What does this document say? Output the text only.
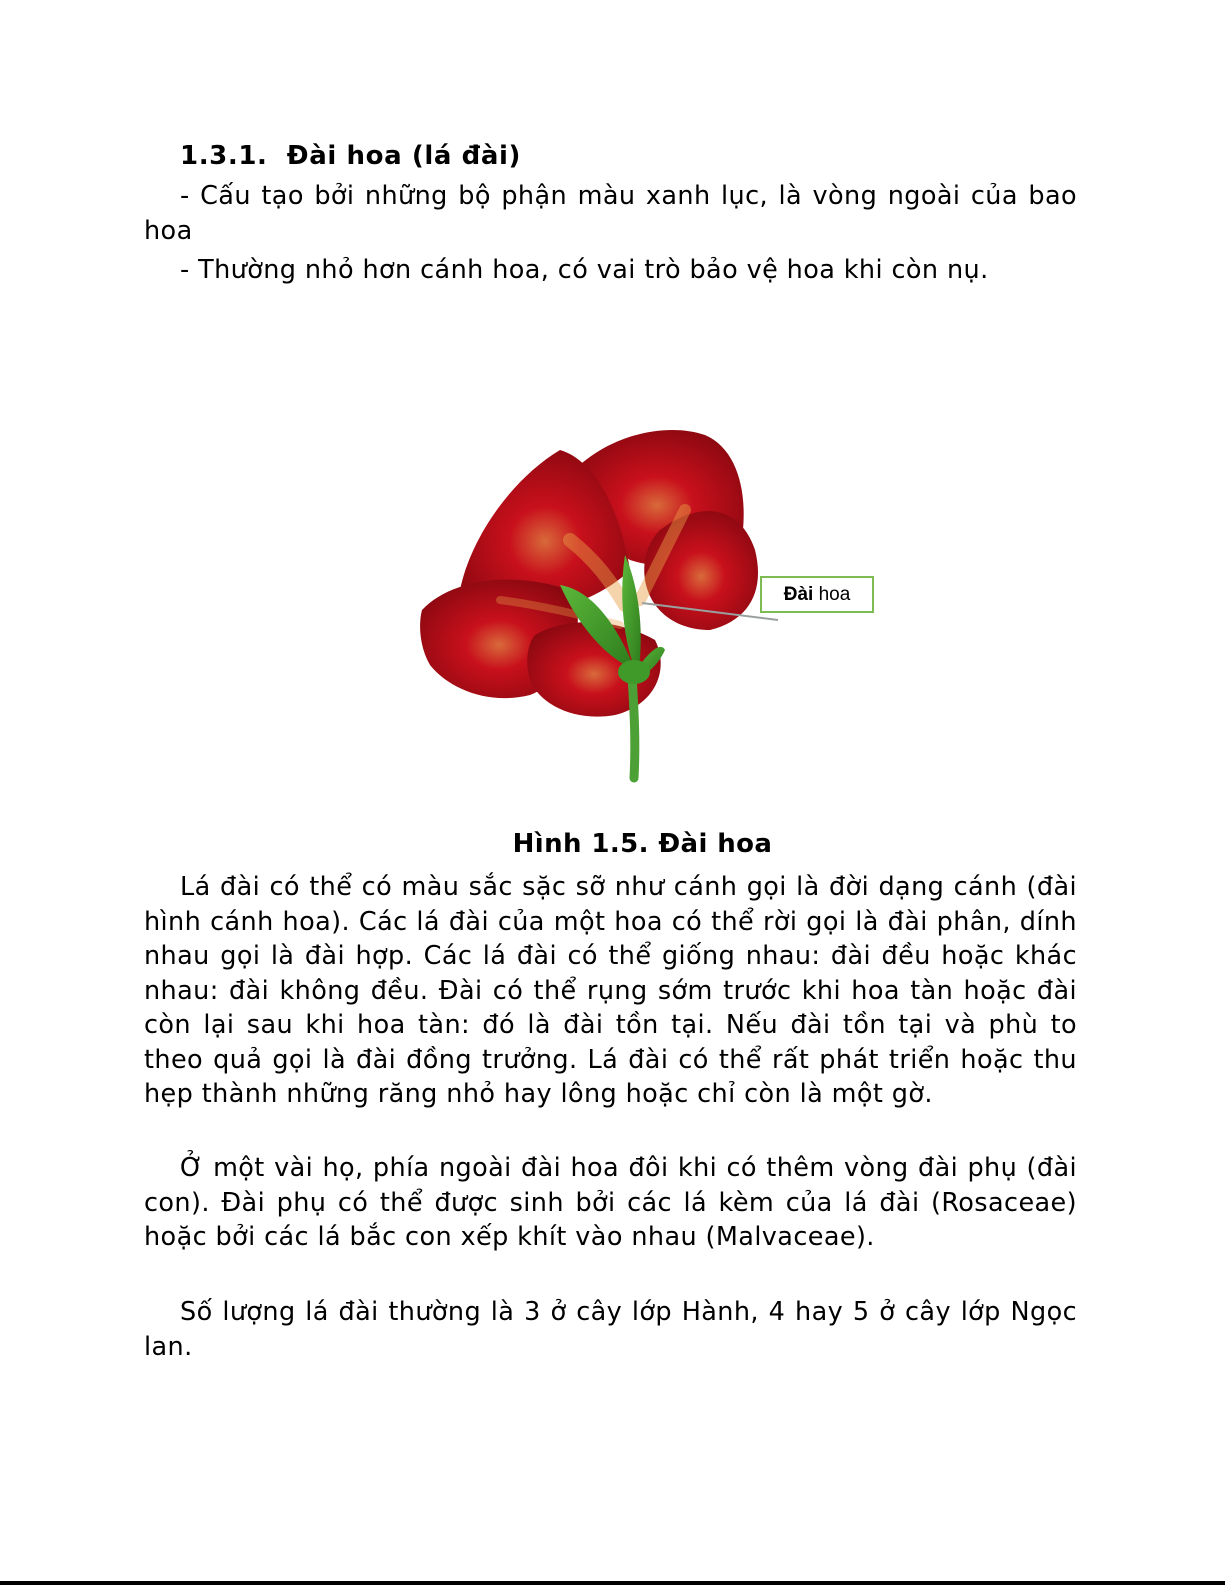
1.3.1.  Đài hoa (lá đài)

- Cấu tạo bởi những bộ phận màu xanh lục, là vòng ngoài của bao hoa

- Thường nhỏ hơn cánh hoa, có vai trò bảo vệ hoa khi còn nụ.

Đài hoa
Hình 1.5. Đài hoa

Lá đài có thể có màu sắc sặc sỡ như cánh gọi là đời dạng cánh (đài hình cánh hoa). Các lá đài của một hoa có thể rời gọi là đài phân, dính nhau gọi là đài hợp. Các lá đài có thể giống nhau: đài đều hoặc khác nhau: đài không đều. Đài có thể rụng sớm trước khi hoa tàn hoặc đài còn lại sau khi hoa tàn: đó là đài tồn tại. Nếu đài tồn tại và phù to theo quả gọi là đài đồng trưởng. Lá đài có thể rất phát triển hoặc thu hẹp thành những răng nhỏ hay lông hoặc chỉ còn là một gờ.

Ở một vài họ, phía ngoài đài hoa đôi khi có thêm vòng đài phụ (đài con). Đài phụ có thể được sinh bởi các lá kèm của lá đài (Rosaceae) hoặc bởi các lá bắc con xếp khít vào nhau (Malvaceae).

Số lượng lá đài thường là 3 ở cây lớp Hành, 4 hay 5 ở cây lớp Ngọc lan.
